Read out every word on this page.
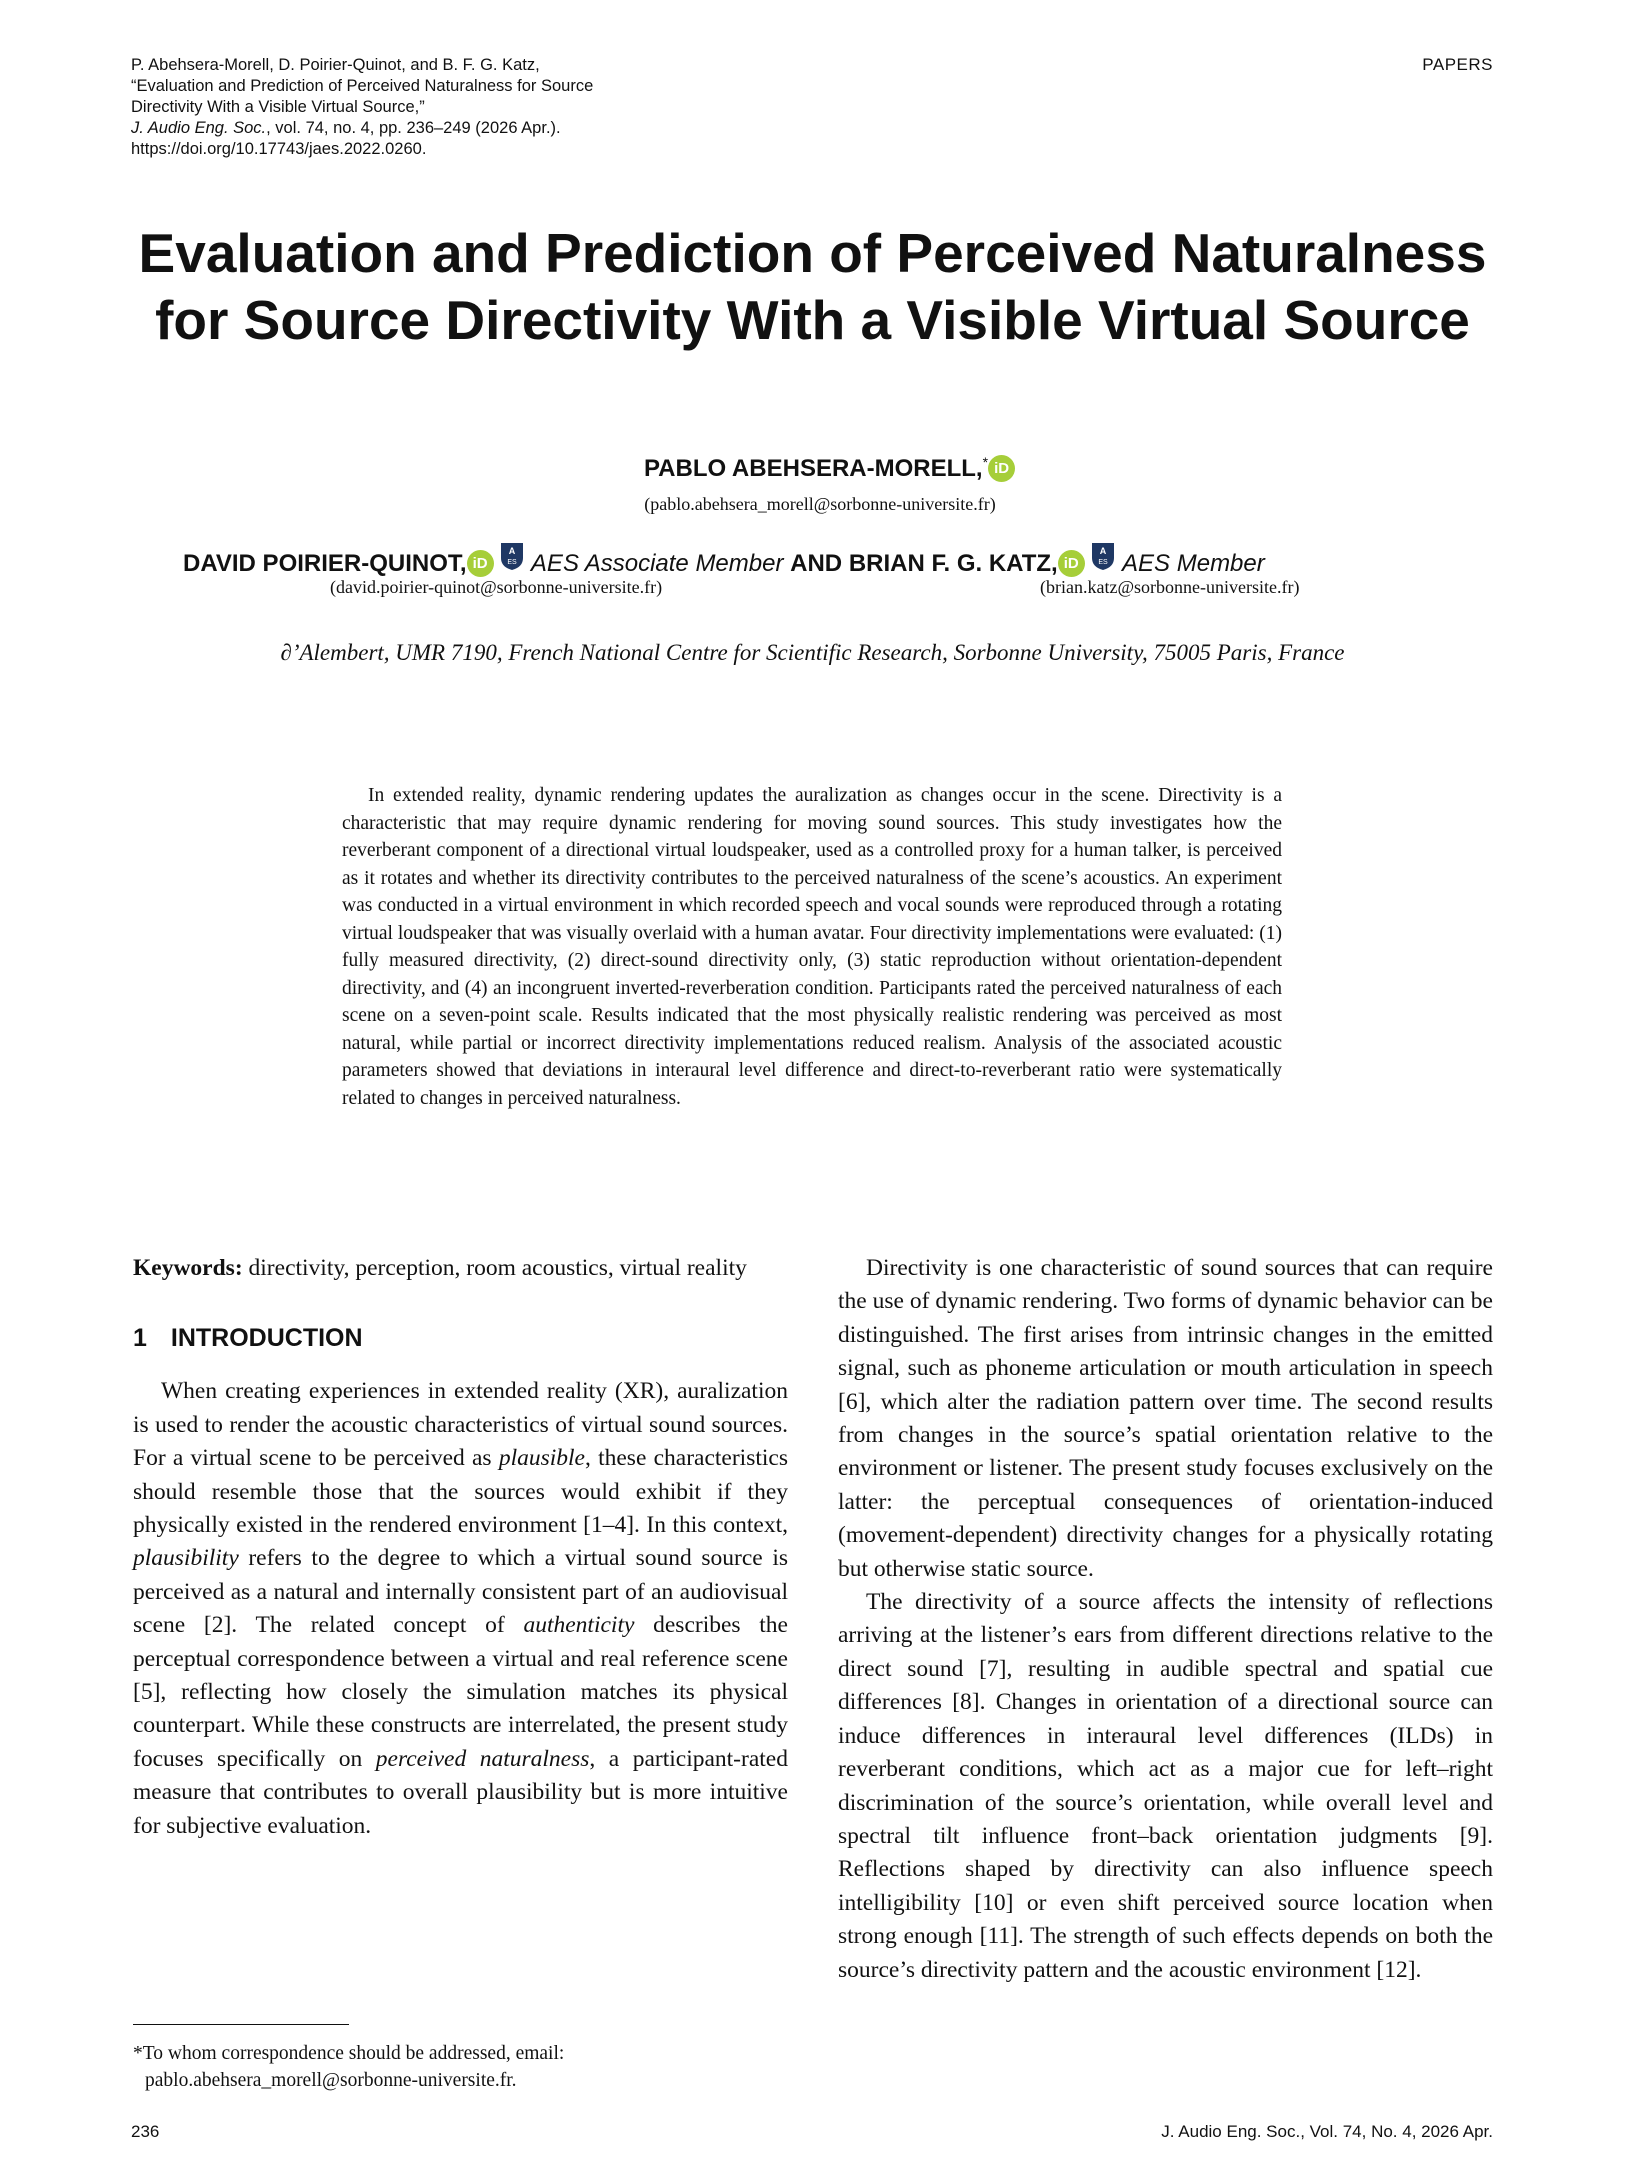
P. Abehsera-Morell, D. Poirier-Quinot, and B. F. G. Katz,
“Evaluation and Prediction of Perceived Naturalness for Source
Directivity With a Visible Virtual Source,”
J. Audio Eng. Soc., vol. 74, no. 4, pp. 236–249 (2026 Apr.).
https://doi.org/10.17743/jaes.2022.0260.
PAPERS
Evaluation and Prediction of Perceived Naturalness
for Source Directivity With a Visible Virtual Source
PABLO ABEHSERA-MORELL,* iD
(pablo.abehsera_morell@sorbonne-universite.fr)
DAVID POIRIER-QUINOT, iD
A
ES AES Associate Member AND BRIAN F. G. KATZ, iD
A
ES AES Member
(david.poirier-quinot@sorbonne-universite.fr)	(brian.katz@sorbonne-universite.fr)
∂’Alembert, UMR 7190, French National Centre for Scientific Research, Sorbonne University, 75005 Paris, France

In extended reality, dynamic rendering updates the auralization as changes occur in the scene. Directivity is a characteristic that may require dynamic rendering for moving sound sources. This study investigates how the reverberant component of a directional virtual loudspeaker, used as a controlled proxy for a human talker, is perceived as it rotates and whether its directivity contributes to the perceived naturalness of the scene’s acoustics. An experiment was conducted in a virtual environment in which recorded speech and vocal sounds were reproduced through a rotating virtual loudspeaker that was visually overlaid with a human avatar. Four directivity implementations were evaluated: (1) fully measured directivity, (2) direct-sound directivity only, (3) static reproduction without orientation-dependent directivity, and (4) an incongruent inverted-reverberation condition. Participants rated the perceived naturalness of each scene on a seven-point scale. Results indicated that the most physically realistic rendering was perceived as most natural, while partial or incorrect directivity implementations reduced realism. Analysis of the associated acoustic parameters showed that deviations in interaural level difference and direct-to-reverberant ratio were systematically related to changes in perceived naturalness.

Keywords: directivity, perception, room acoustics, virtual reality

1 INTRODUCTION

When creating experiences in extended reality (XR), auralization is used to render the acoustic characteristics of virtual sound sources. For a virtual scene to be perceived as plausible, these characteristics should resemble those that the sources would exhibit if they physically existed in the rendered environment [1–4]. In this context, plausibility refers to the degree to which a virtual sound source is perceived as a natural and internally consistent part of an audiovisual scene [2]. The related concept of authenticity describes the perceptual correspondence between a virtual and real reference scene [5], reflecting how closely the simulation matches its physical counterpart. While these constructs are interrelated, the present study focuses specifically on perceived naturalness, a participant-rated measure that contributes to overall plausibility but is more intuitive for subjective evaluation.

Directivity is one characteristic of sound sources that can require the use of dynamic rendering. Two forms of dynamic behavior can be distinguished. The first arises from intrinsic changes in the emitted signal, such as phoneme articulation or mouth articulation in speech [6], which alter the radiation pattern over time. The second results from changes in the source’s spatial orientation relative to the environment or listener. The present study focuses exclusively on the latter: the perceptual consequences of orientation-induced (movement-dependent) directivity changes for a physically rotating but otherwise static source.

The directivity of a source affects the intensity of reflections arriving at the listener’s ears from different directions relative to the direct sound [7], resulting in audible spectral and spatial cue differences [8]. Changes in orientation of a directional source can induce differences in interaural level differences (ILDs) in reverberant conditions, which act as a major cue for left–right discrimination of the source’s orientation, while overall level and spectral tilt influence front–back orientation judgments [9]. Reflections shaped by directivity can also influence speech intelligibility [10] or even shift perceived source location when strong enough [11]. The strength of such effects depends on both the source’s directivity pattern and the acoustic environment [12].

*To whom correspondence should be addressed, email:
pablo.abehsera_morell@sorbonne-universite.fr.

236	J. Audio Eng. Soc., Vol. 74, No. 4, 2026 Apr.
